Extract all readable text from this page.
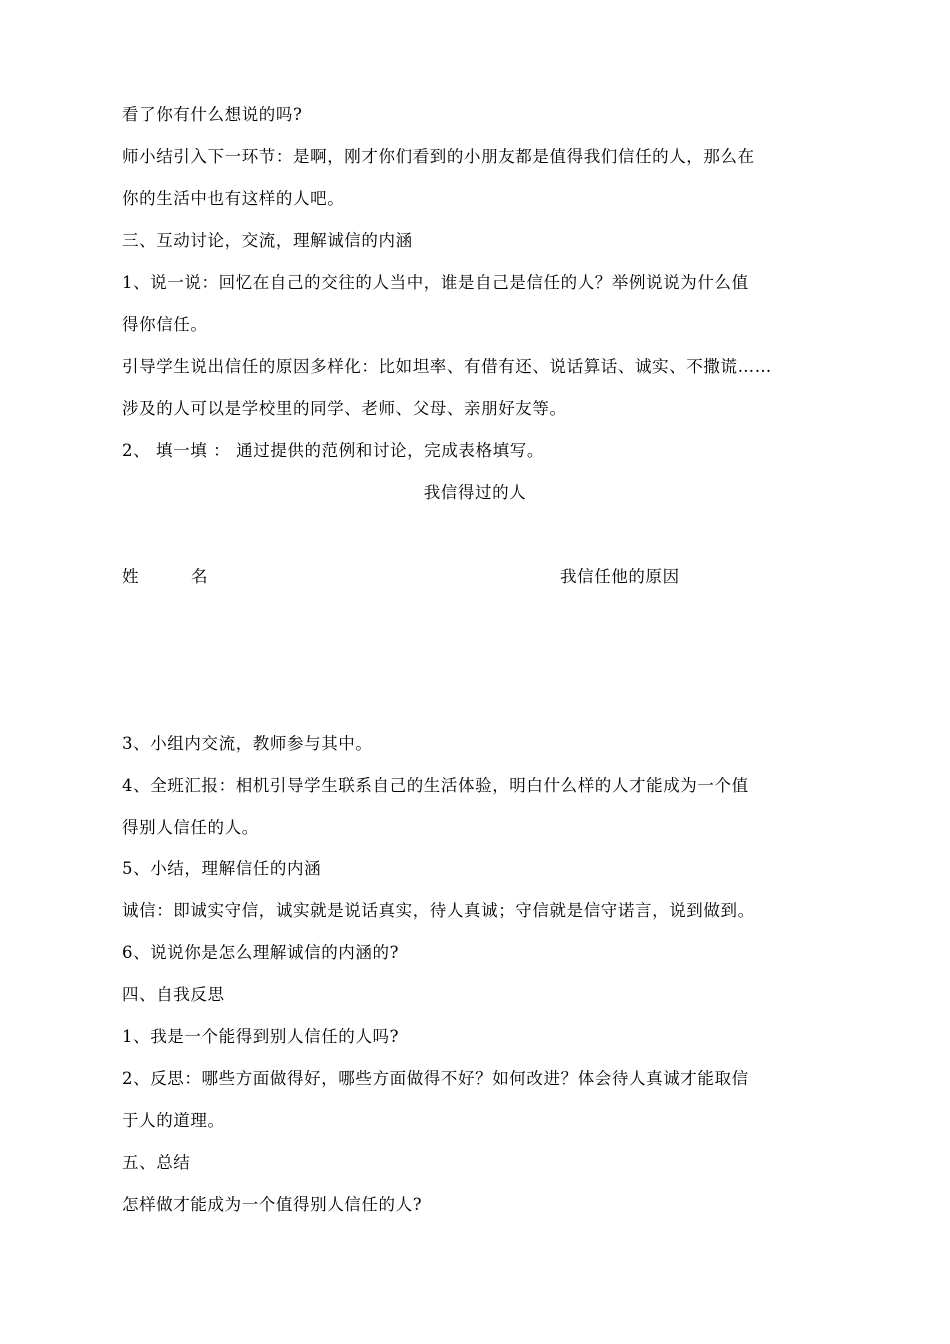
看了你有什么想说的吗?
师小结引入下一环节：是啊，刚才你们看到的小朋友都是值得我们信任的人，那么在
你的生活中也有这样的人吧。
三、互动讨论，交流，理解诚信的内涵
1、说一说：回忆在自己的交往的人当中，谁是自己是信任的人？举例说说为什么值
得你信任。
引导学生说出信任的原因多样化：比如坦率、有借有还、说话算话、诚实、不撒谎……
涉及的人可以是学校里的同学、老师、父母、亲朋好友等。
2、 填一填 ： 通过提供的范例和讨论，完成表格填写。
我信得过的人
姓	名	我信任他的原因
3、小组内交流，教师参与其中。
4、全班汇报：相机引导学生联系自己的生活体验，明白什么样的人才能成为一个值
得别人信任的人。
5、小结，理解信任的内涵
诚信：即诚实守信，诚实就是说话真实，待人真诚；守信就是信守诺言，说到做到。
6、说说你是怎么理解诚信的内涵的?
四、自我反思
1、我是一个能得到别人信任的人吗?
2、反思：哪些方面做得好，哪些方面做得不好？如何改进？体会待人真诚才能取信
于人的道理。
五、总结
怎样做才能成为一个值得别人信任的人?
